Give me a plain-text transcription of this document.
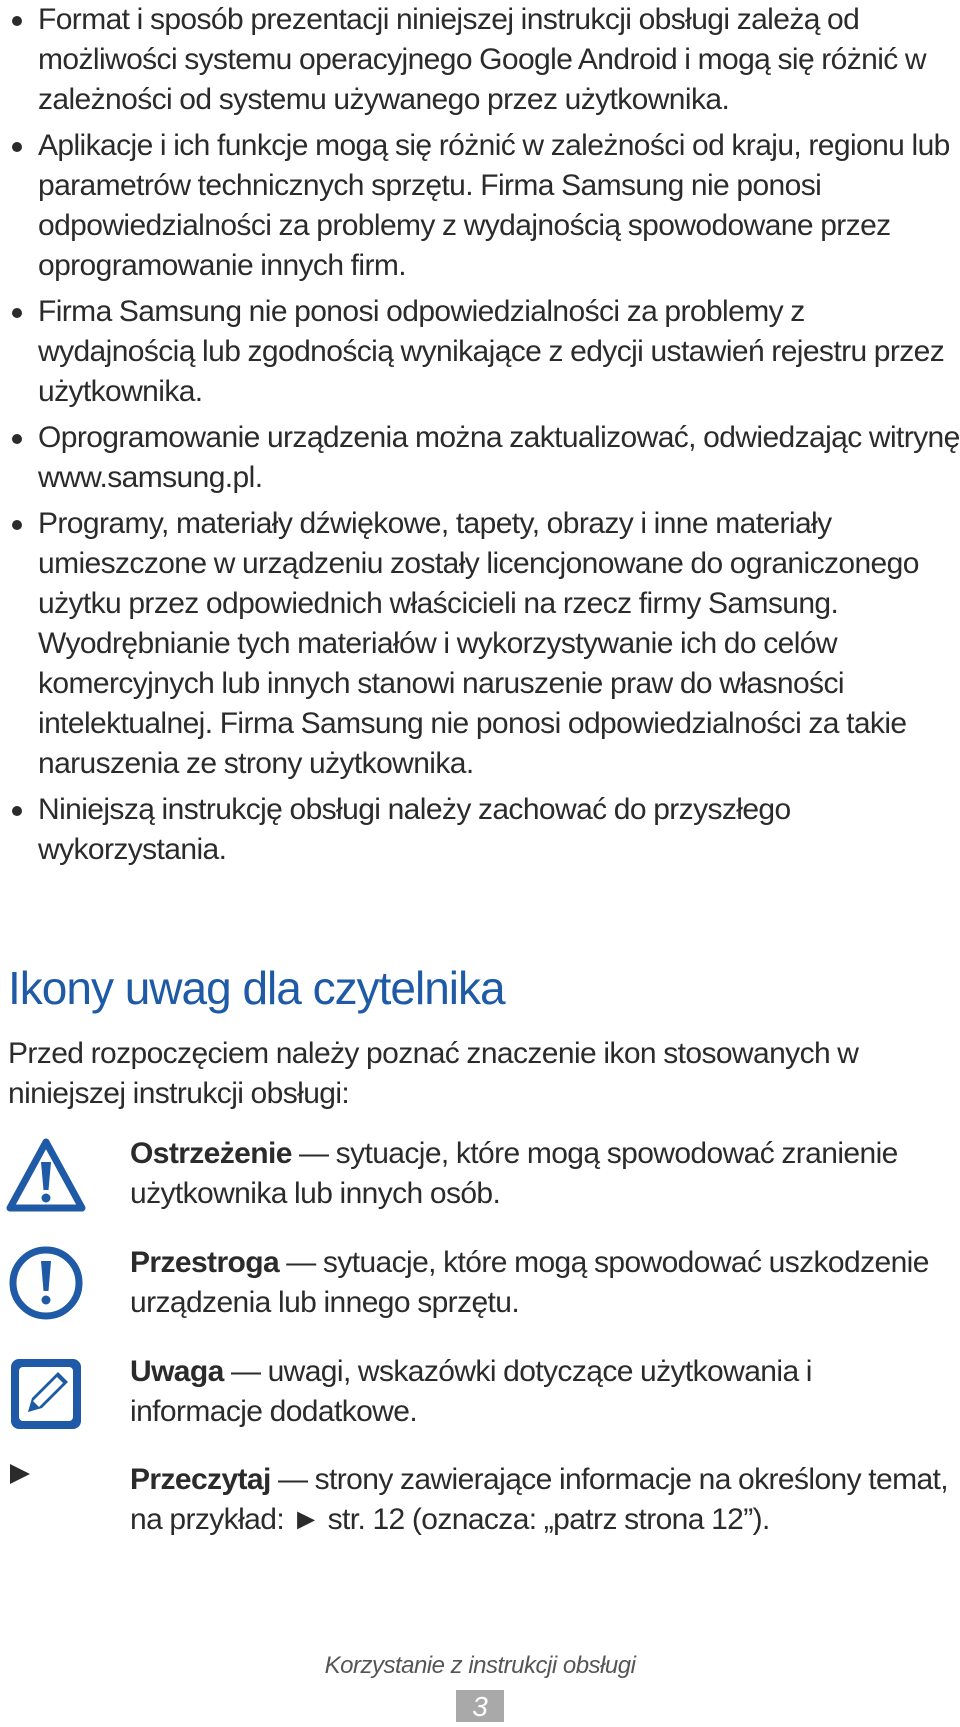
Format i sposób prezentacji niniejszej instrukcji obsługi zależą od możliwości systemu operacyjnego Google Android i mogą się różnić w zależności od systemu używanego przez użytkownika.
Aplikacje i ich funkcje mogą się różnić w zależności od kraju, regionu lub parametrów technicznych sprzętu. Firma Samsung nie ponosi odpowiedzialności za problemy z wydajnością spowodowane przez oprogramowanie innych firm.
Firma Samsung nie ponosi odpowiedzialności za problemy z wydajnością lub zgodnością wynikające z edycji ustawień rejestru przez użytkownika.
Oprogramowanie urządzenia można zaktualizować, odwiedzając witrynę www.samsung.pl.
Programy, materiały dźwiękowe, tapety, obrazy i inne materiały umieszczone w urządzeniu zostały licencjonowane do ograniczonego użytku przez odpowiednich właścicieli na rzecz firmy Samsung. Wyodrębnianie tych materiałów i wykorzystywanie ich do celów komercyjnych lub innych stanowi naruszenie praw do własności intelektualnej. Firma Samsung nie ponosi odpowiedzialności za takie naruszenia ze strony użytkownika.
Niniejszą instrukcję obsługi należy zachować do przyszłego wykorzystania.
Ikony uwag dla czytelnika

Przed rozpoczęciem należy poznać znaczenie ikon stosowanych w niniejszej instrukcji obsługi:

Ostrzeżenie — sytuacje, które mogą spowodować zranienie użytkownika lub innych osób.

Przestroga — sytuacje, które mogą spowodować uszkodzenie urządzenia lub innego sprzętu.

Uwaga — uwagi, wskazówki dotyczące użytkowania i informacje dodatkowe.

Przeczytaj — strony zawierające informacje na określony temat, na przykład: ► str. 12 (oznacza: „patrz strona 12”).

Korzystanie z instrukcji obsługi
3
